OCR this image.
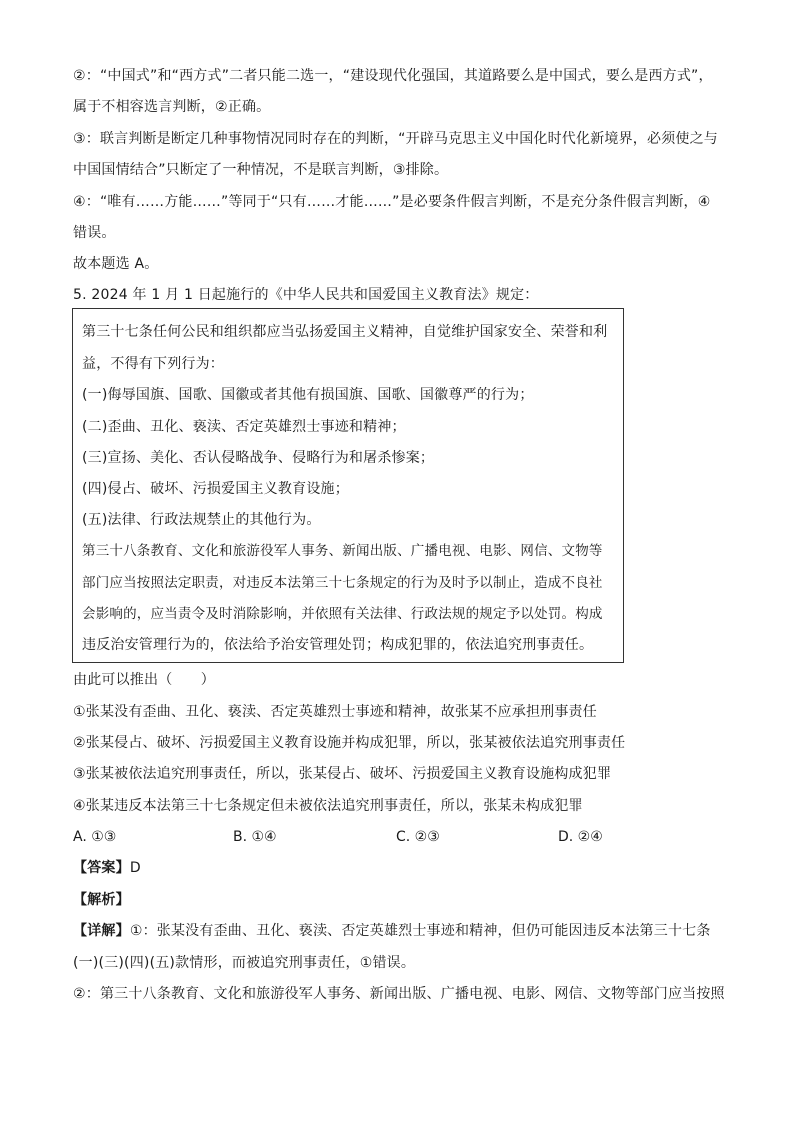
②：“中国式”和“西方式”二者只能二选一，“建设现代化强国，其道路要么是中国式，要么是西方式”，
属于不相容选言判断，②正确。
③：联言判断是断定几种事物情况同时存在的判断，“开辟马克思主义中国化时代化新境界，必须使之与
中国国情结合”只断定了一种情况，不是联言判断，③排除。
④：“唯有……方能……”等同于“只有……才能……”是必要条件假言判断，不是充分条件假言判断，④
错误。
故本题选 A。
5. 2024 年 1 月 1 日起施行的《中华人民共和国爱国主义教育法》规定：
第三十七条任何公民和组织都应当弘扬爱国主义精神，自觉维护国家安全、荣誉和利
益，不得有下列行为：
(一)侮辱国旗、国歌、国徽或者其他有损国旗、国歌、国徽尊严的行为；
(二)歪曲、丑化、亵渎、否定英雄烈士事迹和精神；
(三)宣扬、美化、否认侵略战争、侵略行为和屠杀惨案；
(四)侵占、破坏、污损爱国主义教育设施；
(五)法律、行政法规禁止的其他行为。
第三十八条教育、文化和旅游役军人事务、新闻出版、广播电视、电影、网信、文物等
部门应当按照法定职责，对违反本法第三十七条规定的行为及时予以制止，造成不良社
会影响的，应当责令及时消除影响，并依照有关法律、行政法规的规定予以处罚。构成
违反治安管理行为的，依法给予治安管理处罚；构成犯罪的，依法追究刑事责任。
由此可以推出（　　）
①张某没有歪曲、丑化、亵渎、否定英雄烈士事迹和精神，故张某不应承担刑事责任
②张某侵占、破坏、污损爱国主义教育设施并构成犯罪，所以，张某被依法追究刑事责任
③张某被依法追究刑事责任，所以，张某侵占、破坏、污损爱国主义教育设施构成犯罪
④张某违反本法第三十七条规定但未被依法追究刑事责任，所以，张某未构成犯罪
A. ①③	B. ①④	C. ②③	D. ②④
【答案】D
【解析】
【详解】①：张某没有歪曲、丑化、亵渎、否定英雄烈士事迹和精神，但仍可能因违反本法第三十七条
(一)(三)(四)(五)款情形，而被追究刑事责任，①错误。
②：第三十八条教育、文化和旅游役军人事务、新闻出版、广播电视、电影、网信、文物等部门应当按照
